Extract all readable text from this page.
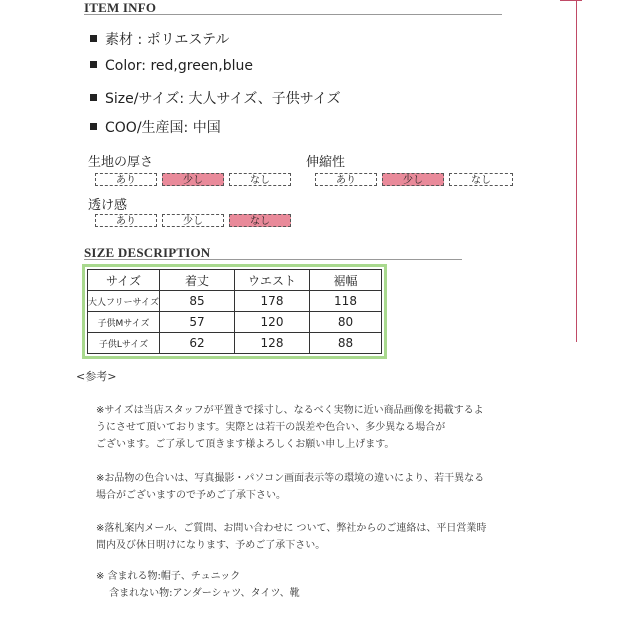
ITEM INFO
素材 : ポリエステル
Color: red,green,blue
Size/サイズ: 大人サイズ、子供サイズ
COO/生産国: 中国
生地の厚さ
あり	少し	なし
伸縮性
あり	少し	なし
透け感
あり	少し	なし
SIZE DESCRIPTION
サイズ	着丈	ウエスト	裾幅
大人フリーサイズ	85	178	118
子供Mサイズ	57	120	80
子供Lサイズ	62	128	88
<参考>
※サイズは当店スタッフが平置きで採寸し、なるべく実物に近い商品画像を掲載するよ
うにさせて頂いております。実際とは若干の誤差や色合い、多少異なる場合が
ございます。ご了承して頂きます様よろしくお願い申し上げます。
※お品物の色合いは、写真撮影・パソコン画面表示等の環境の違いにより、若干異なる
場合がございますので予めご了承下さい。
※落札案内メール、ご質問、お問い合わせに ついて、弊社からのご連絡は、平日営業時
間内及び休日明けになります、予めご了承下さい。
※ 含まれる物:帽子、チュニック
　 含まれない物:アンダーシャツ、タイツ、靴
